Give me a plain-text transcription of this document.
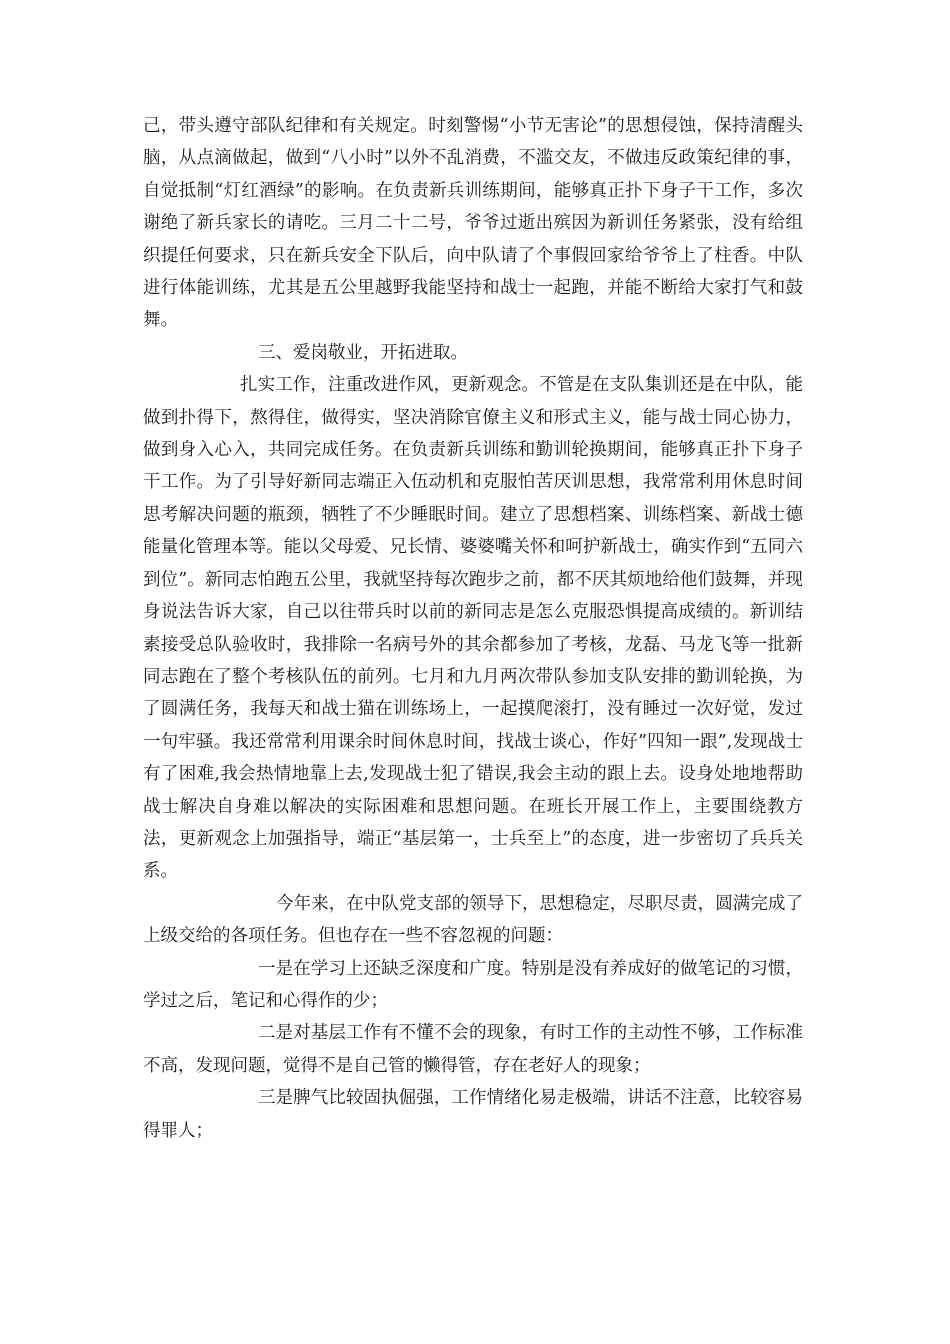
己，带头遵守部队纪律和有关规定。时刻警惕“小节无害论”的思想侵蚀，保持清醒头脑，从点滴做起，做到“八小时”以外不乱消费，不滥交友，不做违反政策纪律的事，自觉抵制“灯红酒绿”的影响。在负责新兵训练期间，能够真正扑下身子干工作，多次谢绝了新兵家长的请吃。三月二十二号，爷爷过逝出殡因为新训任务紧张，没有给组织提任何要求，只在新兵安全下队后，向中队请了个事假回家给爷爷上了柱香。中队进行体能训练，尤其是五公里越野我能坚持和战士一起跑，并能不断给大家打气和鼓舞。

三、爱岗敬业，开拓进取。

扎实工作，注重改进作风，更新观念。不管是在支队集训还是在中队，能做到扑得下，熬得住，做得实，坚决消除官僚主义和形式主义，能与战士同心协力，做到身入心入，共同完成任务。在负责新兵训练和勤训轮换期间，能够真正扑下身子干工作。为了引导好新同志端正入伍动机和克服怕苦厌训思想，我常常利用休息时间思考解决问题的瓶颈，牺牲了不少睡眠时间。建立了思想档案、训练档案、新战士德能量化管理本等。能以父母爱、兄长情、婆婆嘴关怀和呵护新战士，确实作到“五同六到位”。新同志怕跑五公里，我就坚持每次跑步之前，都不厌其烦地给他们鼓舞，并现身说法告诉大家，自己以往带兵时以前的新同志是怎么克服恐惧提高成绩的。新训结素接受总队验收时，我排除一名病号外的其余都参加了考核，龙磊、马龙飞等一批新同志跑在了整个考核队伍的前列。七月和九月两次带队参加支队安排的勤训轮换，为了圆满任务，我每天和战士猫在训练场上，一起摸爬滚打，没有睡过一次好觉，发过一句牢骚。我还常常利用课余时间休息时间，找战士谈心，作好”四知一跟”,发现战士有了困难,我会热情地靠上去,发现战士犯了错误,我会主动的跟上去。设身处地地帮助战士解决自身难以解决的实际困难和思想问题。在班长开展工作上，主要围绕教方法，更新观念上加强指导，端正“基层第一，士兵至上”的态度，进一步密切了兵兵关系。

今年来，在中队党支部的领导下，思想稳定，尽职尽责，圆满完成了上级交给的各项任务。但也存在一些不容忽视的问题：

一是在学习上还缺乏深度和广度。特别是没有养成好的做笔记的习惯，学过之后，笔记和心得作的少；

二是对基层工作有不懂不会的现象，有时工作的主动性不够，工作标准不高，发现问题，觉得不是自己管的懒得管，存在老好人的现象；

三是脾气比较固执倔强，工作情绪化易走极端，讲话不注意，比较容易得罪人；
